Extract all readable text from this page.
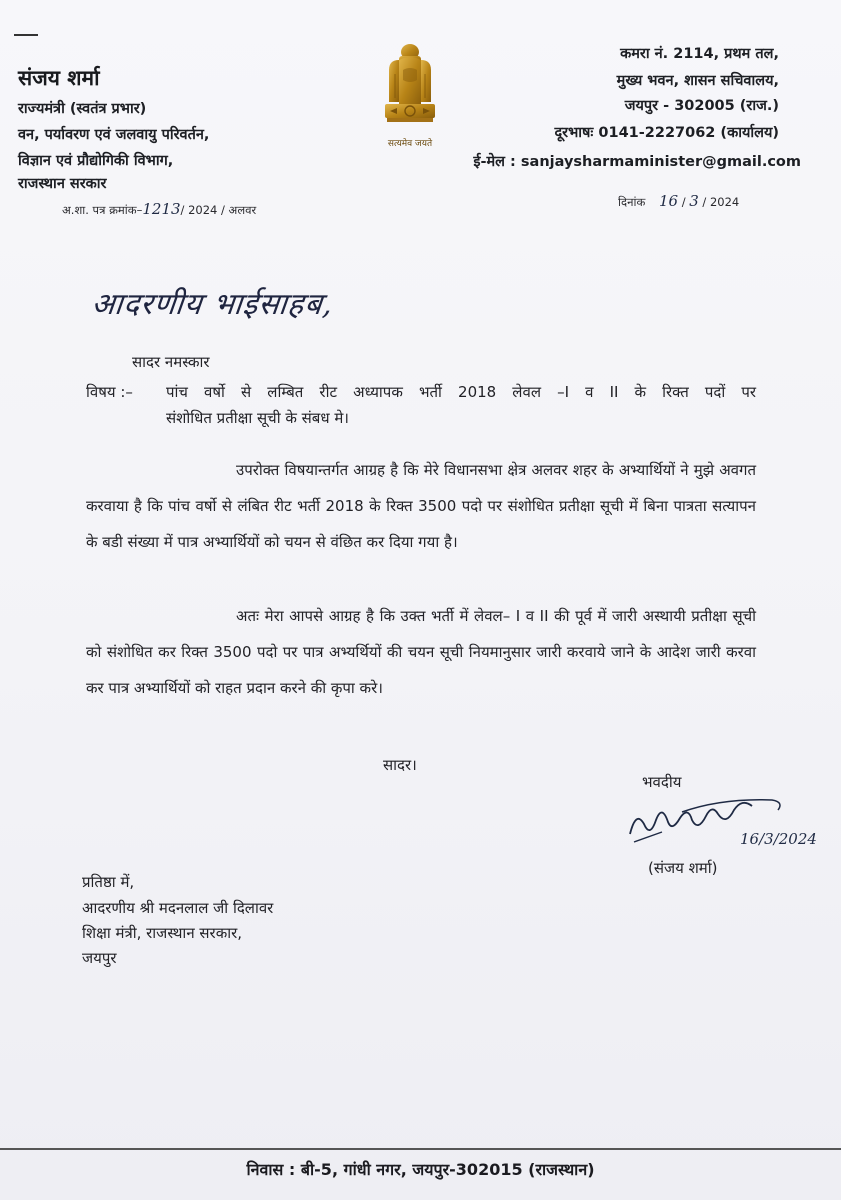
संजय शर्मा
राज्यमंत्री (स्वतंत्र प्रभार)
वन, पर्यावरण एवं जलवायु परिवर्तन,
विज्ञान एवं प्रौद्योगिकी विभाग,
राजस्थान सरकार
सत्यमेव जयते
कमरा नं. 2114, प्रथम तल,
मुख्य भवन, शासन सचिवालय,
जयपुर - 302005 (राज.)
दूरभाषः 0141-2227062 (कार्यालय)
ई-मेल : sanjaysharmaminister@gmail.com
अ.शा. पत्र क्रमांक–1213/ 2024 / अलवर
दिनांक 16 / 3 / 2024
आदरणीय भाईसाहब,
सादर नमस्कार
विषय :– पांच वर्षो से लम्बित रीट अध्यापक भर्ती 2018 लेवल –I व II के रिक्त पदों पर
संशोधित प्रतीक्षा सूची के संबध मे।
उपरोक्त विषयान्तर्गत आग्रह है कि मेरे विधानसभा क्षेत्र अलवर शहर के अभ्यार्थियों ने मुझे अवगत करवाया है कि पांच वर्षो से लंबित रीट भर्ती 2018 के रिक्त 3500 पदो पर संशोधित प्रतीक्षा सूची में बिना पात्रता सत्यापन के बडी संख्या में पात्र अभ्यार्थियों को चयन से वंछित कर दिया गया है।
अतः मेरा आपसे आग्रह है कि उक्त भर्ती में लेवल– I व II की पूर्व में जारी अस्थायी प्रतीक्षा सूची को संशोधित कर रिक्त 3500 पदो पर पात्र अभ्यर्थियों की चयन सूची नियमानुसार जारी करवाये जाने के आदेश जारी करवा कर पात्र अभ्यार्थियों को राहत प्रदान करने की कृपा करे।
सादर।
भवदीय
16/3/2024
(संजय शर्मा)
प्रतिष्ठा में,
आदरणीय श्री मदनलाल जी दिलावर
शिक्षा मंत्री, राजस्थान सरकार,
जयपुर
निवास : बी-5, गांधी नगर, जयपुर-302015 (राजस्थान)
